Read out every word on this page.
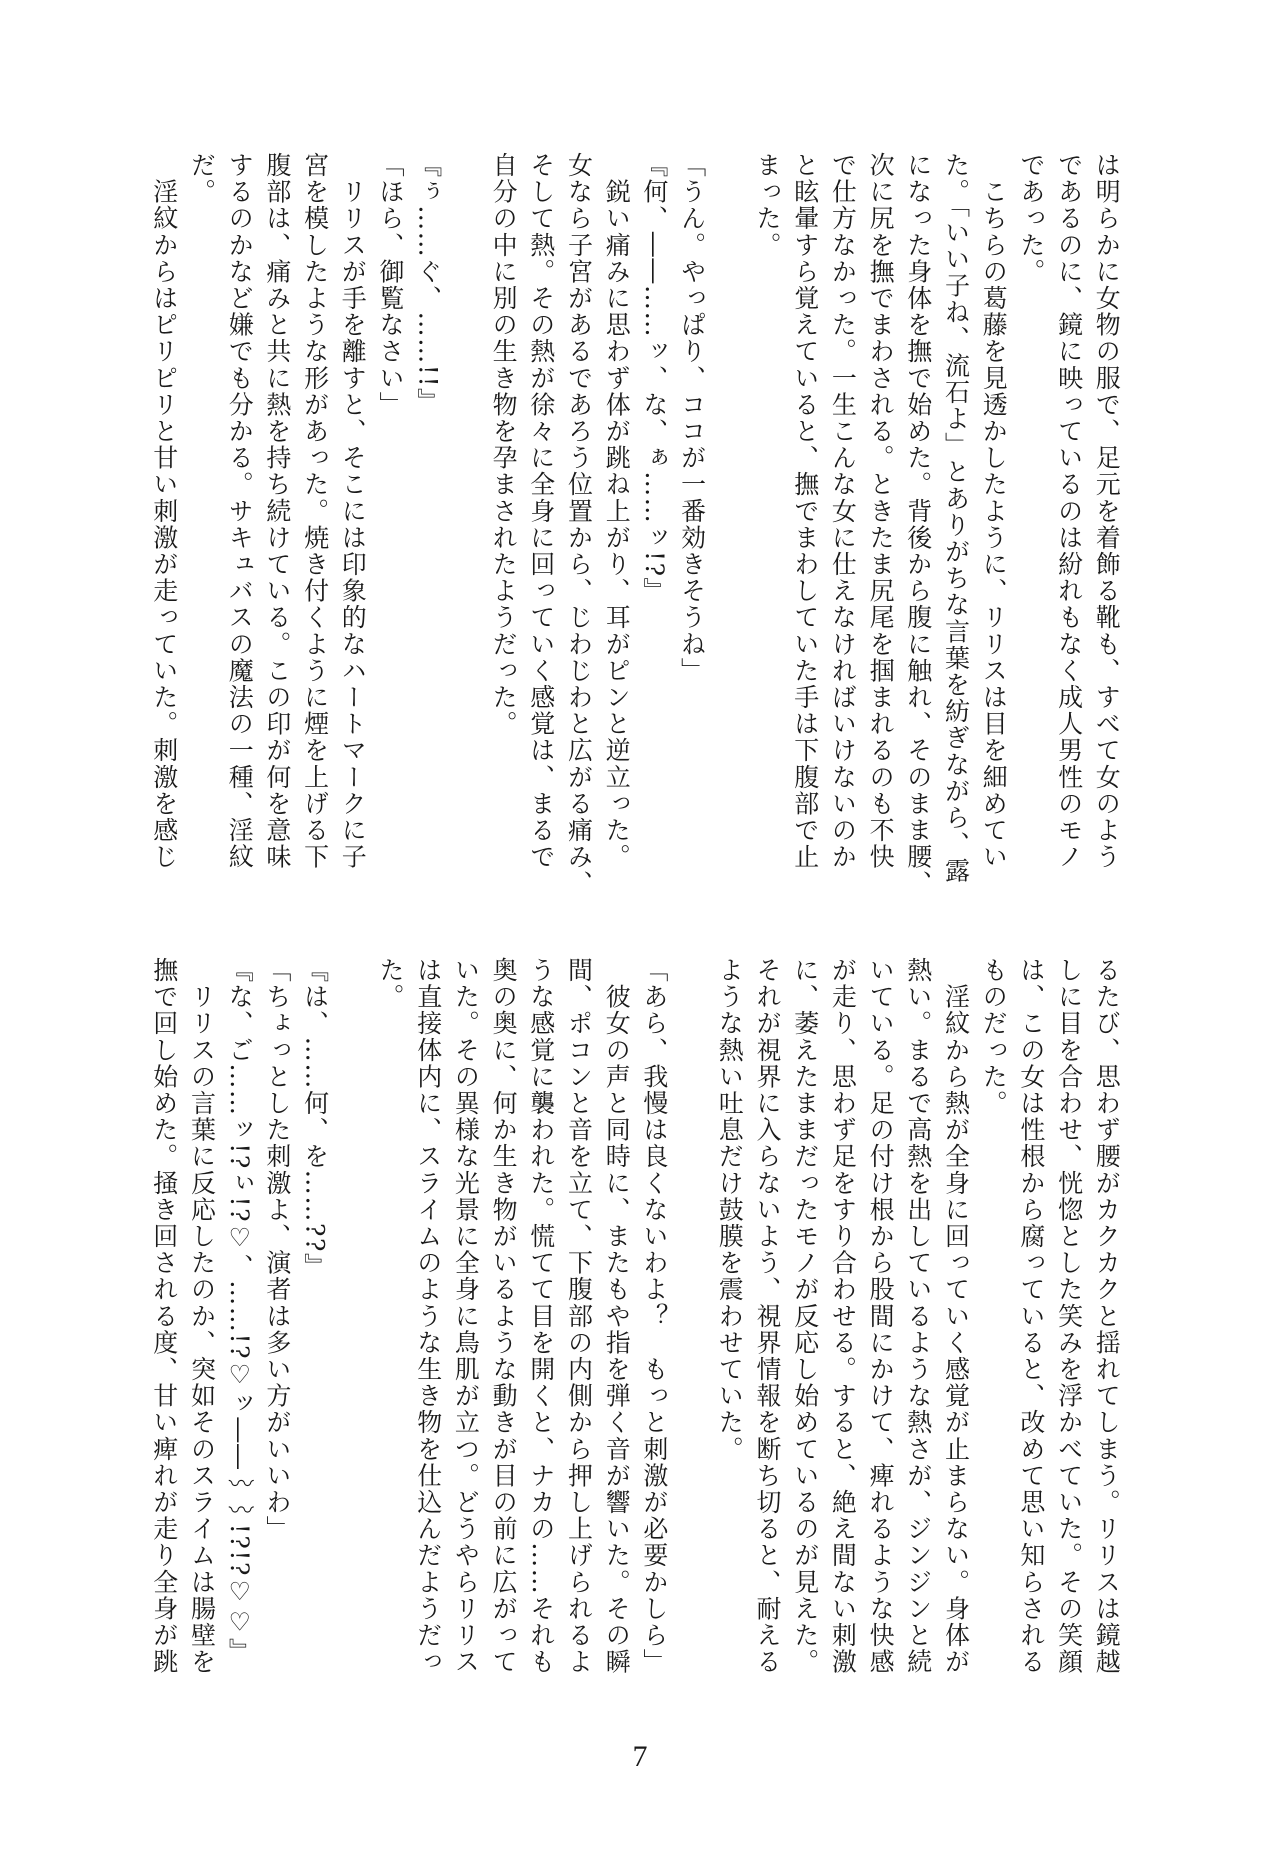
は明らかに女物の服で、足元を着飾る靴も、すべて女のよう
であるのに、鏡に映っているのは紛れもなく成人男性のモノ
であった。
　こちらの葛藤を見透かしたように、リリスは目を細めてい
た。「いい子ね、流石よ」とありがちな言葉を紡ぎながら、露
になった身体を撫で始めた。背後から腹に触れ、そのまま腰、
次に尻を撫でまわされる。ときたま尻尾を掴まれるのも不快
で仕方なかった。一生こんな女に仕えなければいけないのか
と眩暈すら覚えていると、撫でまわしていた手は下腹部で止
まった。
「うん。やっぱり、ココが一番効きそうね」
『何、――……ッ、な、ぁ……ッ!?』
　鋭い痛みに思わず体が跳ね上がり、耳がピンと逆立った。
女なら子宮があるであろう位置から、じわじわと広がる痛み、
そして熱。その熱が徐々に全身に回っていく感覚は、まるで
自分の中に別の生き物を孕まされたようだった。
『ぅ……ぐ、……!!』
「ほら、御覧なさい」
　リリスが手を離すと、そこには印象的なハートマークに子
宮を模したような形があった。焼き付くように煙を上げる下
腹部は、痛みと共に熱を持ち続けている。この印が何を意味
するのかなど嫌でも分かる。サキュバスの魔法の一種、淫紋
だ。
　淫紋からはピリピリと甘い刺激が走っていた。刺激を感じ
るたび、思わず腰がカクカクと揺れてしまう。リリスは鏡越
しに目を合わせ、恍惚とした笑みを浮かべていた。その笑顔
は、この女は性根から腐っていると、改めて思い知らされる
ものだった。
　淫紋から熱が全身に回っていく感覚が止まらない。身体が
熱い。まるで高熱を出しているような熱さが、ジンジンと続
いている。足の付け根から股間にかけて、痺れるような快感
が走り、思わず足をすり合わせる。すると、絶え間ない刺激
に、萎えたままだったモノが反応し始めているのが見えた。
それが視界に入らないよう、視界情報を断ち切ると、耐える
ような熱い吐息だけ鼓膜を震わせていた。
「あら、我慢は良くないわよ？　もっと刺激が必要かしら」
　彼女の声と同時に、またもや指を弾く音が響いた。その瞬
間、ポコンと音を立て、下腹部の内側から押し上げられるよ
うな感覚に襲われた。慌てて目を開くと、ナカの……それも
奥の奥に、何か生き物がいるような動きが目の前に広がって
いた。その異様な光景に全身に鳥肌が立つ。どうやらリリス
は直接体内に、スライムのような生き物を仕込んだようだっ
た。
『は、……何、を……??』
「ちょっとした刺激よ、演者は多い方がいいわ」
『な、ご……ッ!?ぃ!?♡、……!?♡ッ――〰〰!?!?♡♡』
　リリスの言葉に反応したのか、突如そのスライムは腸壁を
撫で回し始めた。掻き回される度、甘い痺れが走り全身が跳
7
